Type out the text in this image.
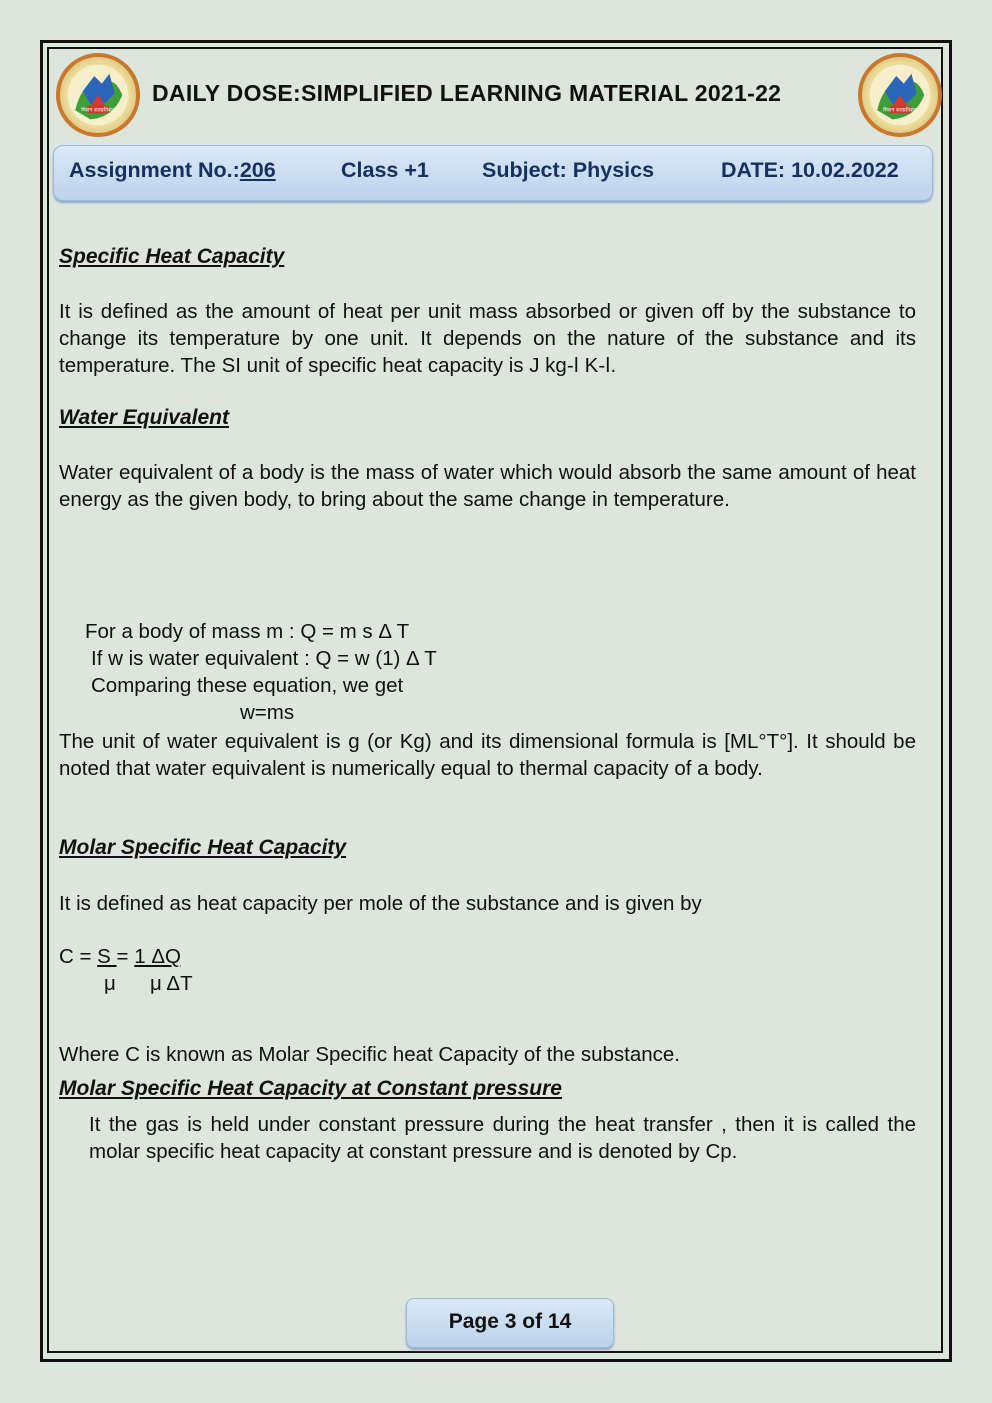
मिशन शतप्रतिशत	मिशन शतप्रतिशत
DAILY DOSE:SIMPLIFIED LEARNING MATERIAL 2021-22
Assignment No.:206	Class +1 Subject: Physics	DATE: 10.02.2022
Specific Heat Capacity
It is defined as the amount of heat per unit mass absorbed or given off by the substance to change its temperature by one unit. It depends on the nature of the substance and its temperature. The SI unit of specific heat capacity is J kg-ǀ K-ǀ.
Water Equivalent
Water equivalent of a body is the mass of water which would absorb the same amount of heat energy as the given body, to bring about the same change in temperature.
For a body of mass m : Q = m s Δ T
If w is water equivalent : Q = w (1) Δ T
Comparing these equation, we get
w=ms
The unit of water equivalent is g (or Kg) and its dimensional formula is [ML°T°]. It should be noted that water equivalent is numerically equal to thermal capacity of a body.
Molar Specific Heat Capacity
It is defined as heat capacity per mole of the substance and is given by
C = S = 1 ΔQ
μ μ ΔT
Where C is known as Molar Specific heat Capacity of the substance.
Molar Specific Heat Capacity at Constant pressure
It the gas is held under constant pressure during the heat transfer , then it is called the molar specific heat capacity at constant pressure and is denoted by Cp.
Page 3 of 14
